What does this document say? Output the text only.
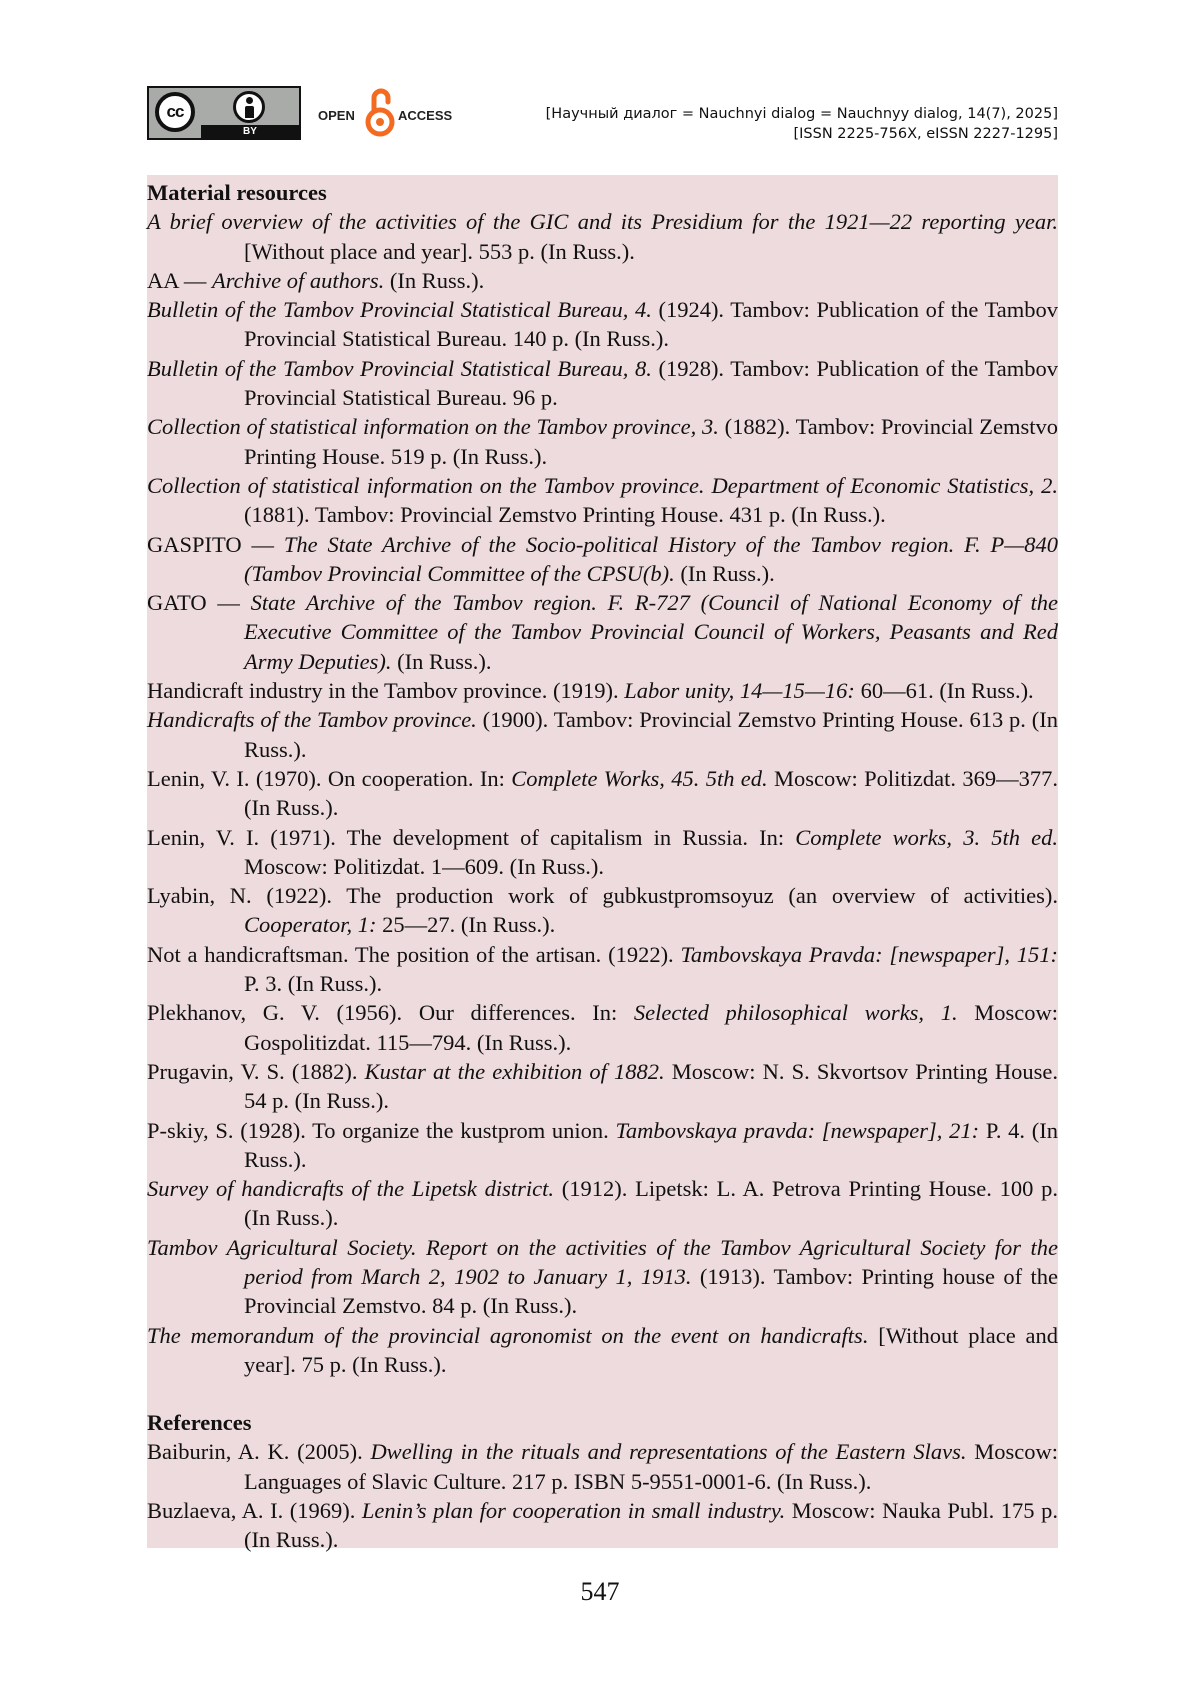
cc
BY
OPEN	ACCESS	[Научный диалог = Nauchnyi dialog = Nauchnyy dialog, 14(7), 2025]
[ISSN 2225-756X, eISSN 2227-1295]

Material resources

A brief overview of the activities of the GIC and its Presidium for the 1921—22 reporting year. [Without place and year]. 553 p. (In Russ.).

AA — Archive of authors. (In Russ.).

Bulletin of the Tambov Provincial Statistical Bureau, 4. (1924). Tambov: Publication of the Tambov Provincial Statistical Bureau. 140 p. (In Russ.).

Bulletin of the Tambov Provincial Statistical Bureau, 8. (1928). Tambov: Publication of the Tambov Provincial Statistical Bureau. 96 p.

Collection of statistical information on the Tambov province, 3. (1882). Tambov: Provincial Zemstvo Printing House. 519 p. (In Russ.).

Collection of statistical information on the Tambov province. Department of Economic Statistics, 2. (1881). Tambov: Provincial Zemstvo Printing House. 431 p. (In Russ.).

GASPITO — The State Archive of the Socio-political History of the Tambov region. F. P—840 (Tambov Provincial Committee of the CPSU(b). (In Russ.).

GATO — State Archive of the Tambov region. F. R-727 (Council of National Economy of the Executive Committee of the Tambov Provincial Council of Workers, Peasants and Red Army Deputies). (In Russ.).

Handicraft industry in the Tambov province. (1919). Labor unity, 14—15—16: 60—61. (In Russ.).

Handicrafts of the Tambov province. (1900). Tambov: Provincial Zemstvo Printing House. 613 p. (In Russ.).

Lenin, V. I. (1970). On cooperation. In: Complete Works, 45. 5th ed. Moscow: Politizdat. 369—377. (In Russ.).

Lenin, V. I. (1971). The development of capitalism in Russia. In: Complete works, 3. 5th ed. Moscow: Politizdat. 1—609. (In Russ.).

Lyabin, N. (1922). The production work of gubkustpromsoyuz (an overview of activities). Cooperator, 1: 25—27. (In Russ.).

Not a handicraftsman. The position of the artisan. (1922). Tambovskaya Pravda: [newspaper], 151: P. 3. (In Russ.).

Plekhanov, G. V. (1956). Our differences. In: Selected philosophical works, 1. Moscow: Gospolitizdat. 115—794. (In Russ.).

Prugavin, V. S. (1882). Kustar at the exhibition of 1882. Moscow: N. S. Skvortsov Printing House. 54 p. (In Russ.).

P-skiy, S. (1928). To organize the kustprom union. Tambovskaya pravda: [newspaper], 21: P. 4. (In Russ.).

Survey of handicrafts of the Lipetsk district. (1912). Lipetsk: L. A. Petrova Printing House. 100 p. (In Russ.).

Tambov Agricultural Society. Report on the activities of the Tambov Agricultural Society for the period from March 2, 1902 to January 1, 1913. (1913). Tambov: Printing house of the Provincial Zemstvo. 84 p. (In Russ.).

The memorandum of the provincial agronomist on the event on handicrafts. [Without place and year]. 75 p. (In Russ.).

References

Baiburin, A. K. (2005). Dwelling in the rituals and representations of the Eastern Slavs. Moscow: Languages of Slavic Culture. 217 p. ISBN 5-9551-0001-6. (In Russ.).

Buzlaeva, A. I. (1969). Lenin’s plan for cooperation in small industry. Moscow: Nauka Publ. 175 p. (In Russ.).

547
